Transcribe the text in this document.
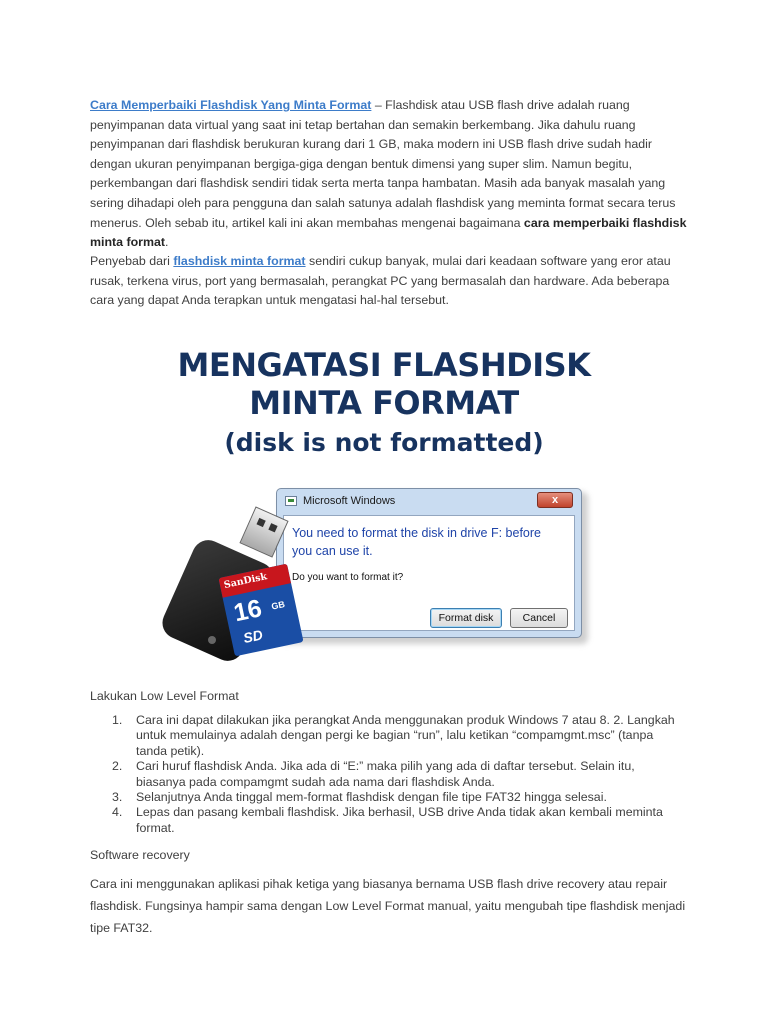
Cara Memperbaiki Flashdisk Yang Minta Format – Flashdisk atau USB flash drive adalah ruang penyimpanan data virtual yang saat ini tetap bertahan dan semakin berkembang. Jika dahulu ruang penyimpanan dari flashdisk berukuran kurang dari 1 GB, maka modern ini USB flash drive sudah hadir dengan ukuran penyimpanan bergiga-giga dengan bentuk dimensi yang super slim. Namun begitu, perkembangan dari flashdisk sendiri tidak serta merta tanpa hambatan. Masih ada banyak masalah yang sering dihadapi oleh para pengguna dan salah satunya adalah flashdisk yang meminta format secara terus menerus. Oleh sebab itu, artikel kali ini akan membahas mengenai bagaimana cara memperbaiki flashdisk minta format.

Penyebab dari flashdisk minta format sendiri cukup banyak, mulai dari keadaan software yang eror atau rusak, terkena virus, port yang bermasalah, perangkat PC yang bermasalah dan hardware. Ada beberapa cara yang dapat Anda terapkan untuk mengatasi hal-hal tersebut.

MENGATASI FLASHDISK
MINTA FORMAT
(disk is not formatted)
Microsoft Windows	x
You need to format the disk in drive F: before you can use it.
Do you want to format it?
Format disk	Cancel
SanDisk
16 GB
SD
Lakukan Low Level Format
1. Cara ini dapat dilakukan jika perangkat Anda menggunakan produk Windows 7 atau 8. 2. Langkah untuk memulainya adalah dengan pergi ke bagian “run”, lalu ketikan “compamgmt.msc” (tanpa tanda petik).
2. Cari huruf flashdisk Anda. Jika ada di “E:” maka pilih yang ada di daftar tersebut. Selain itu, biasanya pada compamgmt sudah ada nama dari flashdisk Anda.
3. Selanjutnya Anda tinggal mem-format flashdisk dengan file tipe FAT32 hingga selesai.
4. Lepas dan pasang kembali flashdisk. Jika berhasil, USB drive Anda tidak akan kembali meminta format.
Software recovery

Cara ini menggunakan aplikasi pihak ketiga yang biasanya bernama USB flash drive recovery atau repair flashdisk. Fungsinya hampir sama dengan Low Level Format manual, yaitu mengubah tipe flashdisk menjadi tipe FAT32.
